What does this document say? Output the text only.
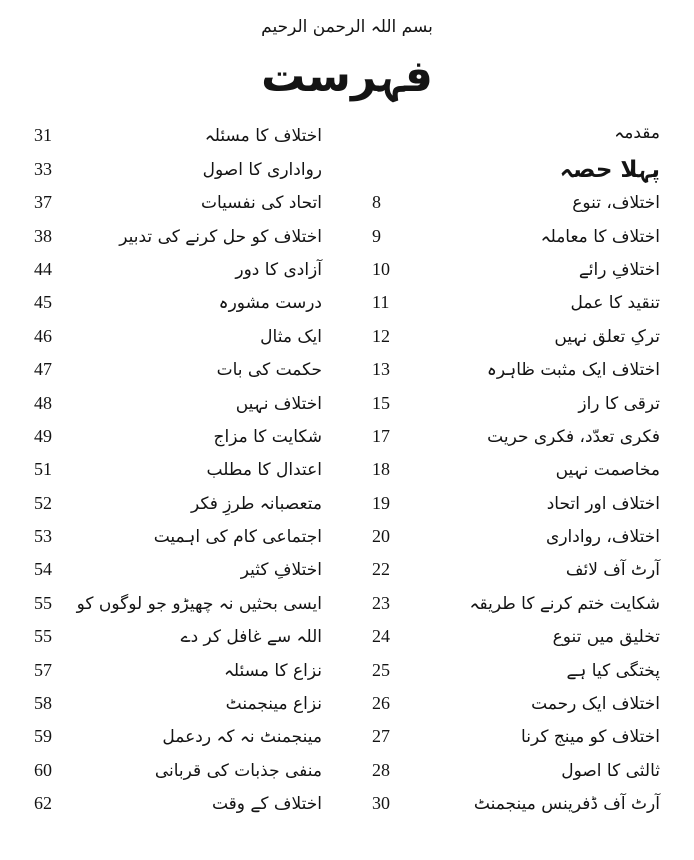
بسم اللہ الرحمن الرحیم
فہرست
مقدمہ
پہلا حصہ
اختلاف، تنوع
8
اختلاف کا معاملہ
9
اختلافِ رائے
10
تنقید کا عمل
11
ترکِ تعلق نہیں
12
اختلاف ایک مثبت ظاہرہ
13
ترقی کا راز
15
فکری تعدّد، فکری حریت
17
مخاصمت نہیں
18
اختلاف اور اتحاد
19
اختلاف، رواداری
20
آرٹ آف لائف
22
شکایت ختم کرنے کا طریقہ
23
تخلیق میں تنوع
24
پختگی کیا ہے
25
اختلاف ایک رحمت
26
اختلاف کو مینج کرنا
27
ثالثی کا اصول
28
آرٹ آف ڈفرینس مینجمنٹ
30
اختلاف کا مسئلہ
31
رواداری کا اصول
33
اتحاد کی نفسیات
37
اختلاف کو حل کرنے کی تدبیر
38
آزادی کا دور
44
درست مشورہ
45
ایک مثال
46
حکمت کی بات
47
اختلاف نہیں
48
شکایت کا مزاج
49
اعتدال کا مطلب
51
متعصبانہ طرزِ فکر
52
اجتماعی کام کی اہمیت
53
اختلافِ کثیر
54
ایسی بحثیں نہ چھیڑو جو لوگوں کو
55
اللہ سے غافل کر دے
55
نزاع کا مسئلہ
57
نزاع مینجمنٹ
58
مینجمنٹ نہ کہ ردعمل
59
منفی جذبات کی قربانی
60
اختلاف کے وقت
62
